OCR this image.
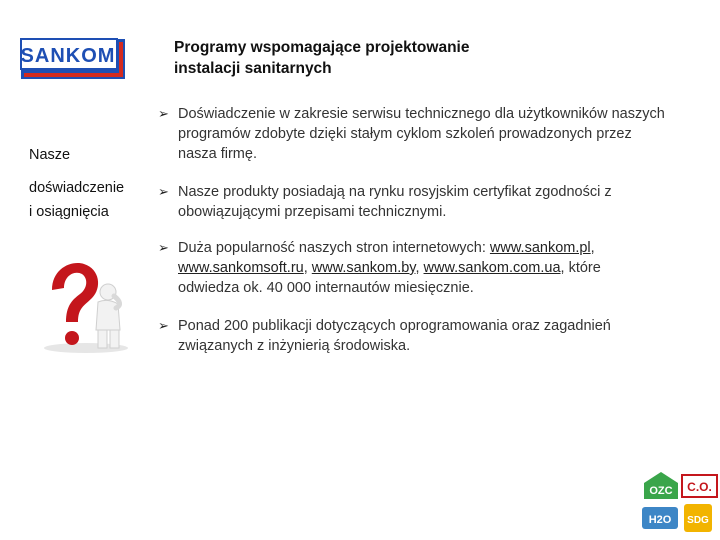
SANKOM	Programy wspomagające projektowanie
instalacji sanitarnych
Nasze
doświadczenie
i osiągnięcia
➢ Doświadczenie w zakresie serwisu technicznego dla użytkowników naszych programów zdobyte dzięki stałym cyklom szkoleń prowadzonych przez nasza firmę.
➢ Nasze produkty posiadają na rynku rosyjskim certyfikat zgodności z obowiązującymi przepisami technicznymi.
➢ Duża popularność naszych stron internetowych: www.sankom.pl, www.sankomsoft.ru, www.sankom.by, www.sankom.com.ua, które odwiedza ok. 40 000 internautów miesięcznie.
➢ Ponad 200 publikacji dotyczących oprogramowania oraz zagadnień związanych z inżynierią środowiska.
OZC C.O.
H2O SDG
